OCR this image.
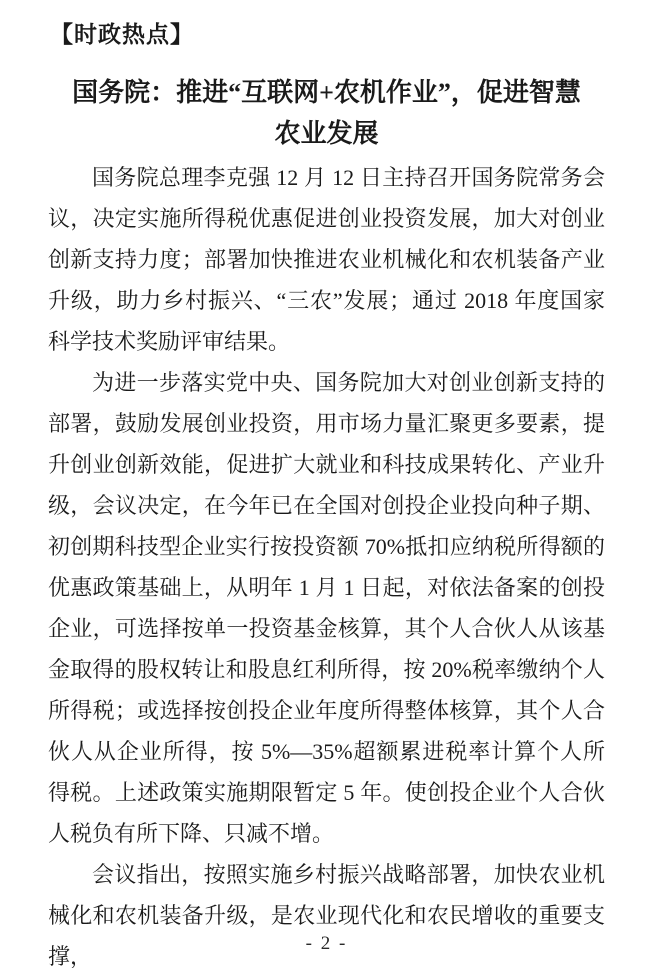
【时政热点】
国务院：推进“互联网+农机作业”，促进智慧
农业发展

国务院总理李克强 12 月 12 日主持召开国务院常务会议，决定实施所得税优惠促进创业投资发展，加大对创业创新支持力度；部署加快推进农业机械化和农机装备产业升级，助力乡村振兴、“三农”发展；通过 2018 年度国家科学技术奖励评审结果。

为进一步落实党中央、国务院加大对创业创新支持的部署，鼓励发展创业投资，用市场力量汇聚更多要素，提升创业创新效能，促进扩大就业和科技成果转化、产业升级，会议决定，在今年已在全国对创投企业投向种子期、初创期科技型企业实行按投资额 70%抵扣应纳税所得额的优惠政策基础上，从明年 1 月 1 日起，对依法备案的创投企业，可选择按单一投资基金核算，其个人合伙人从该基金取得的股权转让和股息红利所得，按 20%税率缴纳个人所得税；或选择按创投企业年度所得整体核算，其个人合伙人从企业所得，按 5%—35%超额累进税率计算个人所得税。上述政策实施期限暂定 5 年。使创投企业个人合伙人税负有所下降、只减不增。

会议指出，按照实施乡村振兴战略部署，加快农业机械化和农机装备升级，是农业现代化和农民增收的重要支撑，

- 2 -
